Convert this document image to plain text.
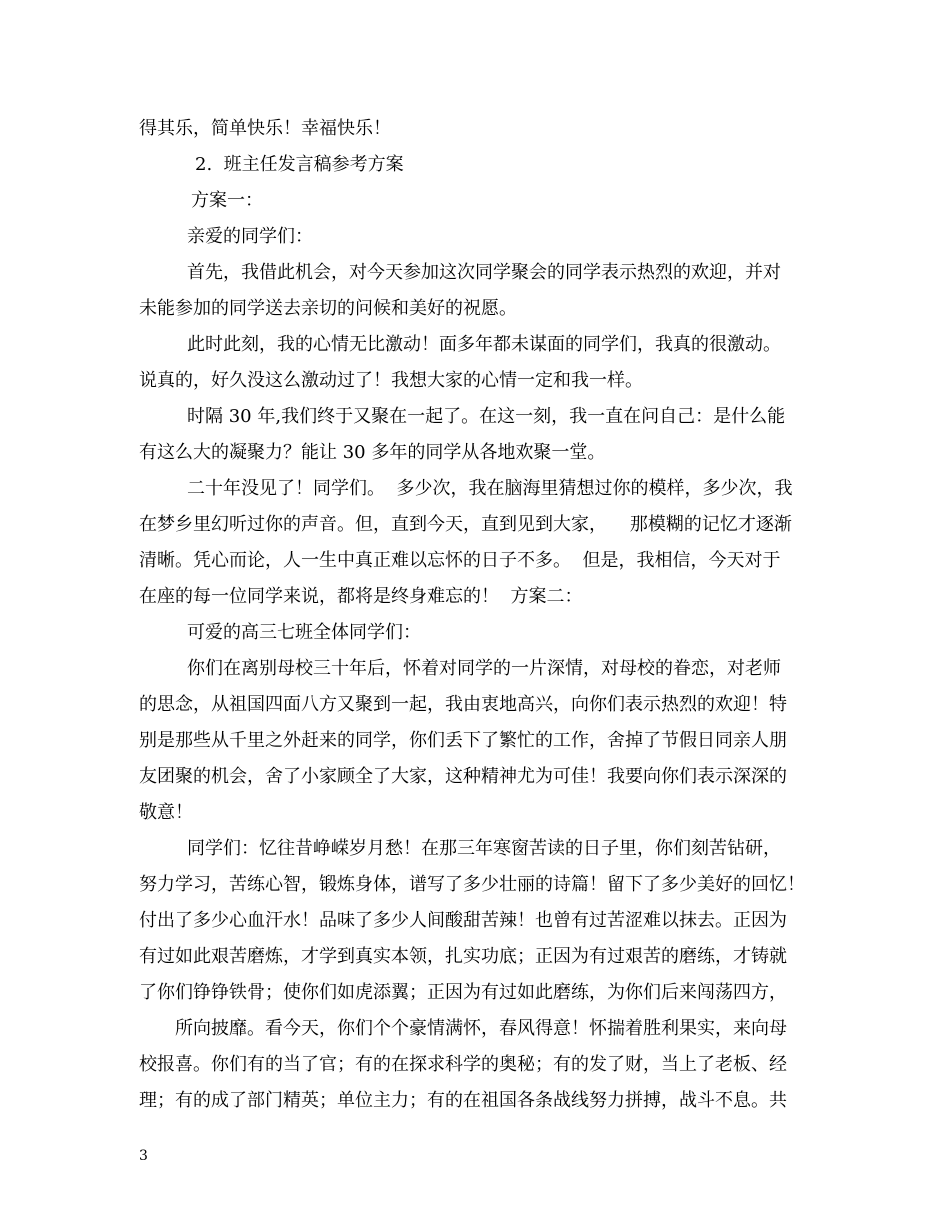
得其乐，简单快乐！幸福快乐！
2.  班主任发言稿参考方案
方案一：
亲爱的同学们：
首先，我借此机会，对今天参加这次同学聚会的同学表示热烈的欢迎，并对
未能参加的同学送去亲切的问候和美好的祝愿。
此时此刻，我的心情无比激动！面多年都未谋面的同学们，我真的很激动。
说真的，好久没这么激动过了！我想大家的心情一定和我一样。
时隔 30 年,我们终于又聚在一起了。在这一刻，我一直在问自己：是什么能
有这么大的凝聚力？能让 30 多年的同学从各地欢聚一堂。
二十年没见了！同学们。  多少次，我在脑海里猜想过你的模样，多少次，我
在梦乡里幻听过你的声音。但，直到今天，直到见到大家，    那模糊的记忆才逐渐
清晰。凭心而论，人一生中真正难以忘怀的日子不多。  但是，我相信，今天对于
在座的每一位同学来说，都将是终身难忘的！  方案二：
可爱的高三七班全体同学们：
你们在离别母校三十年后，怀着对同学的一片深情，对母校的眷恋，对老师
的思念，从祖国四面八方又聚到一起，我由衷地高兴，向你们表示热烈的欢迎！特
别是那些从千里之外赶来的同学，你们丢下了繁忙的工作，舍掉了节假日同亲人朋
友团聚的机会，舍了小家顾全了大家，这种精神尤为可佳！我要向你们表示深深的
敬意！
同学们：忆往昔峥嵘岁月愁！在那三年寒窗苦读的日子里，你们刻苦钻研，
努力学习，苦练心智，锻炼身体，谱写了多少壮丽的诗篇！留下了多少美好的回忆！
付出了多少心血汗水！品味了多少人间酸甜苦辣！也曾有过苦涩难以抹去。正因为
有过如此艰苦磨炼，才学到真实本领，扎实功底；正因为有过艰苦的磨练，才铸就
了你们铮铮铁骨；使你们如虎添翼；正因为有过如此磨练，为你们后来闯荡四方，
所向披靡。看今天，你们个个豪情满怀，春风得意！怀揣着胜利果实，来向母
校报喜。你们有的当了官；有的在探求科学的奥秘；有的发了财，当上了老板、经
理；有的成了部门精英；单位主力；有的在祖国各条战线努力拼搏，战斗不息。共
3
